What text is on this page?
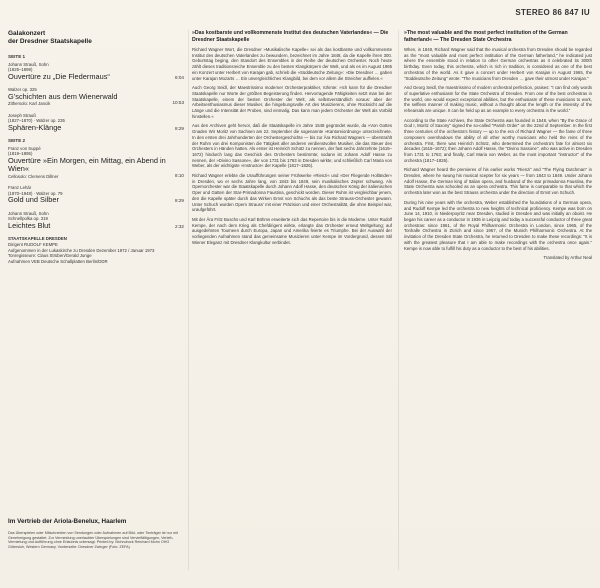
STEREO 86 847 IU
Galakonzert
der Dresdner Staatskapelle
SEITE 1
Johann Strauß, Sohn
(1825–1899)
Ouvertüre zu „Die Fledermaus“	8:04
Walzer op. 325
G’schichten aus dem Wienerwald
Zithersolo: Karl Jancik	10:53
Joseph Strauß
(1827–1870) · Walzer op. 235
Sphären-Klänge	8:29
SEITE 2
Franz von Suppé
(1819–1895)
Ouvertüre »Ein Morgen, ein Mittag, ein Abend in Wien«
Cellosolo: Clemens Dillner	8:10
Franz Lehár
(1870–1948) · Walzer op. 79
Gold und Silber	8:29
Johann Strauß, Sohn
Schnellpolka op. 319
Leichtes Blut	2:32
STAATSKAPELLE DRESDEN
Dirigent RUDOLF KEMPE
Aufgenommen in der Lukaskirche zu Dresden Dezember 1972 / Januar 1973
Tonregisseure: Claus Strüben/Gerald Junge
Aufnahmen VEB Deutsche Schallplatten Berlin/DDR
»Das kostbarste und vollkommenste Institut des deutschen Vaterlandes« — Die Dresdner Staatskapelle

Richard Wagner Wort, die Dresdner »Musikalische Kapelle« sei als das kostbarste und vollkommenste Institut des deutschen Vaterlandes zu bewundern, bezeichnet im Jahre 1848, da die Kapelle ihren 300. Geburtstag beging, den Standort des Ensembles in der Reihe der deutschen Orchester. Noch heute zählt dieses traditionsreiche Ensemble zu den besten Klangkörpern der Welt, und als es im August 1965 ein Konzert unter Herbert von Karajan gab, schrieb die »Süddeutsche Zeitung«: »Die Dresdner … gaben unter Karajan Mozarts … Ein unvergleichliches Klangbild, bei dem vor allem die Streicher auffielen.«

Auch Georg Seidl, der Maestrissimo moderner Orchesterpraktiker, rühmte: »Ich kann für die Dresdner Staatskapelle nur Worte der größten Begeisterung finden. Hervorragende Fähigkeiten setzt man bei der Staatskapelle, einem der besten Orchester der Welt, als selbstverständlich voraus: aber der Arbeitsenthusiasmus dieser Musiker, die hingebungsvolle Art des Musizierens, ohne Rücksicht auf die Länge und die Intensität der Proben, sind einmalig. Das kann man jedem Orchester der Welt als Vorbild hinstellen.«

Aus den Archiven geht hervor, daß die Staatskapelle im Jahre 1548 gegründet wurde, da »Von Gottes Gnaden Wir Moritz von Sachsen am 22. September die sogenannte »Kantoreiordnung« unterzeichnete. In den ersten drei Jahrhunderten der Orchestergeschichte — bis zur Ära Richard Wagners — überstrahlt der Ruhm von drei Komponisten die Tätigkeit aller anderen verdienstvollen Musiker, die das Steuer des Orchesters in Händen hatten. Als erster ist Heinrich Schütz zu nennen, der fast sechs Jahrzehnte (1615–1672) hindurch lang das Geschick des Orchesters bestimmte; sodann ist Johann Adolf Hasse zu nennen, der »Divino Sassone«, der von 1731 bis 1763 in Dresden wirkte; und schließlich Carl Maria von Weber, als der wichtigste »Instructor« der Kapelle (1817–1826).

Richard Wagner erlebte die Uraufführungen seiner Frühwerke »Rienzi« und »Der Fliegende Holländer« in Dresden, wo er sechs Jahre lang, von 1843 bis 1849, sein musikalisches Zepter schwang. Als Opernorchester war die Staatskapelle durch Johann Adolf Hasse, den deutschen König der italienischen Oper und Gatten der Star-Primadonna Faustina, geschickt worden. Dieser Ruhm ist vergleichbar jenem, den die Kapelle später durch das Wirken Ernst von Schuchs als das beste Strauss-Orchester gewann. Unter Schuch wurden Opern Strauss' mit einer Präzision und einer Orchestralität, die ohne Beispiel war, uraufgeführt.

Mit der Ära Fritz Buschs und Karl Böhms erweiterte sich das Repertoire bis in die Moderne. Unter Rudolf Kempe, der nach dem Krieg als Chefdirigent wirkte, erlangte das Orchester erneut Weltgeltung; auf ausgedehnten Tourneen durch Europa, Japan und Amerika feierte es Triumphe. Bei der Auswahl der vorliegenden Aufnahmen stand das gemeinsame Musizieren unter Kempe im Vordergrund, dessen Stil Wiener Eleganz mit Dresdner Klangkultur verbindet.

»The most valuable and the most perfect institution of the German fatherland« — The Dresden State Orchestra

When, in 1848, Richard Wagner said that the musical orchestra from Dresden should be regarded as the "most valuable and most perfect institution of the German fatherland," he indicated just where the ensemble stood in relation to other German orchestras as it celebrated its 300th birthday. Even today, this orchestra, which is rich in tradition, is considered as one of the best orchestras of the world. As it gave a concert under Herbert von Karajan in August 1965, the "Süddeutsche Zeitung" wrote: "The musicians from Dresden … gave their utmost under Karajan."

And Georg Seidl, the maestrissimo of modern orchestral perfection, praises: "I can find only words of superlative enthusiasm for the State Orchestra of Dresden. From one of the best orchestras in the world, one would expect exceptional abilities, but the enthusiasm of these musicians to work, the selfless manner of making music, without a thought about the length or the intensity of the rehearsals are unique. It can be held up as an example to every orchestra in the world."

According to the State Archives, the State Orchestra was founded in 1548, when "By the Grace of God I, Moritz of Saxony" signed the so-called "Parish Order" on the 22nd of September. In the first three centuries of the orchestra's history — up to the era of Richard Wagner — the fame of three composers overshadows the ability of all other worthy musicians who held the reins of the orchestra. First, there was Heinrich Schütz, who determined the orchestra's fate for almost six decades (1615–1672); then Johann Adolf Hasse, the "Divino Sassone", who was active in Dresden from 1731 to 1763; and finally, Carl Maria von Weber, as the most important "instructor" of the orchestra (1817–1826).

Richard Wagner heard the premieres of his earlier works "Rienzi" and "The Flying Dutchman" in Dresden, where he swung his musical scepter for six years — from 1843 to 1849. Under Johann Adolf Hasse, the German king of Italian opera, and husband of the star primadonna Faustina, the State Orchestra was schooled as an opera orchestra. This fame is comparable to that which the orchestra later won as the best Strauss orchestra under the direction of Ernst von Schuch.

During his nine years with the orchestra, Weber established the foundations of a German opera, and Rudolf Kempe led the orchestra to new heights of technical proficiency. Kempe was born on June 14, 1910, in Niederpoyritz near Dresden, studied in Dresden and was initially an oboist. He began his career as a conductor in 1936 in Leipzig and today a successful conductor of three great orchestras: since 1961, of the Royal Philharmonic Orchestra in London, since 1965, of the Tonhalle Orchestra in Zürich and since 1967, of the Munich Philharmonic Orchestra. At the invitation of the Dresden State Orchestra, he returned to Dresden to make these recordings: "It is with the greatest pleasure that I am able to make recordings with the orchestra once again." Kempe is now able to fulfill his duty as a conductor to the best of his abilities.

Translated by Arthur Neal

Im Vertrieb der Ariola-Benelux, Haarlem
Das Überspielen oder Mitschneiden von Sendungen oder Aufnahmen auf Bild- oder Tonträger ist nur mit Genehmigung gestattet. Zur Vermeidung unerlaubter Überspielungen sind Vervielfältigungen, Verleih, Vermietung und Aufführung ohne Erlaubnis untersagt. Printed by: Mohndruck Reinhard Mohn OHG Gütersloh, Western Germany. Vorderseite: Dresdner Zwinger (Foto: ZEFA)
